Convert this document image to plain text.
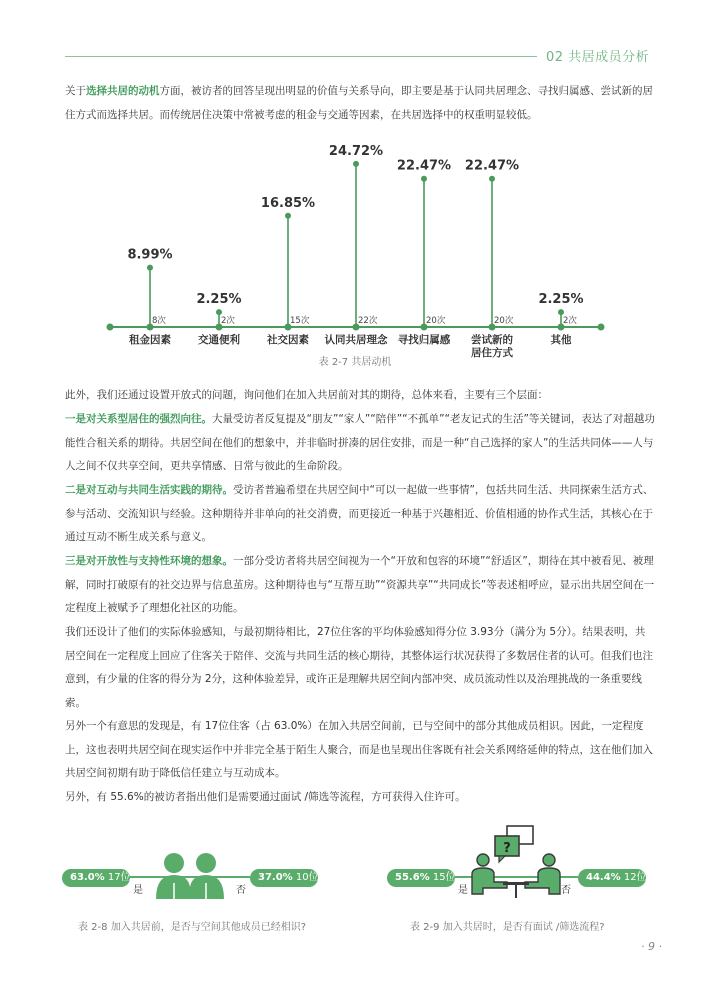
02 共居成员分析
关于选择共居的动机方面，被访者的回答呈现出明显的价值与关系导向，即主要是基于认同共居理念、寻找归属感、尝试新的居住方式而选择共居。而传统居住决策中常被考虑的租金与交通等因素，在共居选择中的权重明显较低。
8.99%
8次
租金因素
2.25%
2次
交通便利
16.85%
15次
社交因素
24.72%
22次
认同共居理念
22.47%
20次
寻找归属感
22.47%
20次
尝试新的
居住方式
2.25%
2次
其他
表 2-7 共居动机
此外，我们还通过设置开放式的问题，询问他们在加入共居前对其的期待，总体来看，主要有三个层面：
一是对关系型居住的强烈向往。大量受访者反复提及“朋友”“家人”“陪伴”“不孤单”“老友记式的生活”等关键词，表达了对超越功能性合租关系的期待。共居空间在他们的想象中，并非临时拼凑的居住安排，而是一种“自己选择的家人”的生活共同体——人与人之间不仅共享空间，更共享情感、日常与彼此的生命阶段。
二是对互动与共同生活实践的期待。受访者普遍希望在共居空间中“可以一起做一些事情”，包括共同生活、共同探索生活方式、参与活动、交流知识与经验。这种期待并非单向的社交消费，而更接近一种基于兴趣相近、价值相通的协作式生活，其核心在于通过互动不断生成关系与意义。
三是对开放性与支持性环境的想象。一部分受访者将共居空间视为一个“开放和包容的环境”“舒适区”，期待在其中被看见、被理解，同时打破原有的社交边界与信息茧房。这种期待也与“互帮互助”“资源共享”“共同成长”等表述相呼应，显示出共居空间在一定程度上被赋予了理想化社区的功能。
我们还设计了他们的实际体验感知，与最初期待相比，27位住客的平均体验感知得分位 3.93分（满分为 5分）。结果表明，共居空间在一定程度上回应了住客关于陪伴、交流与共同生活的核心期待，其整体运行状况获得了多数居住者的认可。但我们也注意到，有少量的住客的得分为 2分，这种体验差异，或许正是理解共居空间内部冲突、成员流动性以及治理挑战的一条重要线索。
另外一个有意思的发现是，有 17位住客（占 63.0%）在加入共居空间前，已与空间中的部分其他成员相识。因此，一定程度上，这也表明共居空间在现实运作中并非完全基于陌生人聚合，而是也呈现出住客既有社会关系网络延伸的特点，这在他们加入共居空间初期有助于降低信任建立与互动成本。
另外，有 55.6%的被访者指出他们是需要通过面试 /筛选等流程，方可获得入住许可。
63.0% 17位
是	否
37.0% 10位
表 2-8 加入共居前，是否与空间其他成员已经相识?
55.6% 15位
?
是	否
44.4% 12位
表 2-9 加入共居时，是否有面试 /筛选流程?
· 9 ·
